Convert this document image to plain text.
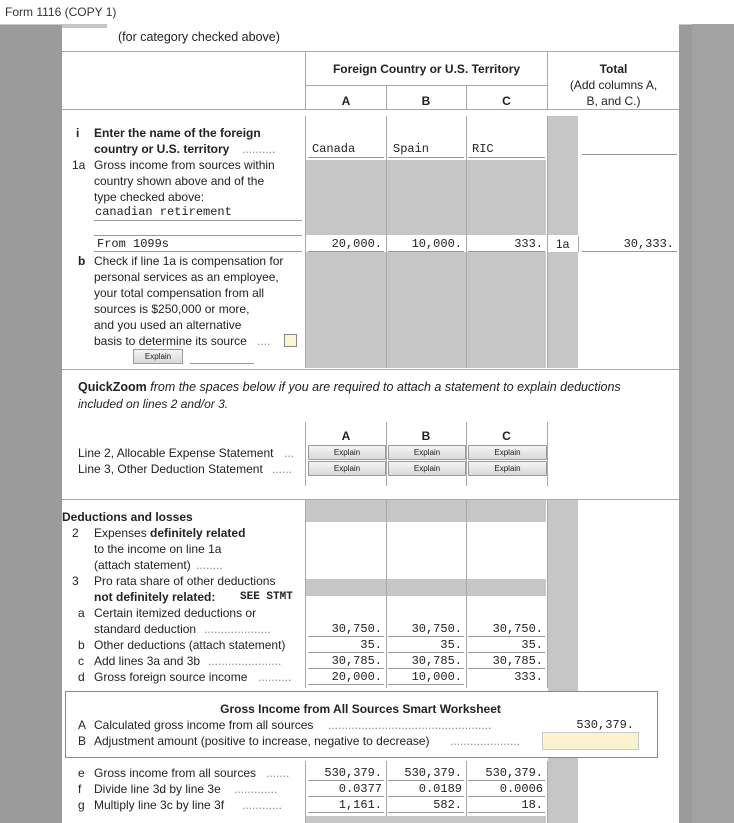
Form 1116 (COPY 1)
(for category checked above)
Foreign Country or U.S. Territory
A	B	C
Total
(Add columns A,
B, and C.)
i Enter the name of the foreign
country or U.S. territory ..........	Canada	Spain	RIC
1a Gross income from sources within
country shown above and of the
type checked above:
canadian retirement
From 1099s	20,000.	10,000.	333. 1a	30,333.
b Check if line 1a is compensation for
personal services as an employee,
your total compensation from all
sources is $250,000 or more,
and you used an alternative
basis to determine its source ....
Explain
QuickZoom from the spaces below if you are required to attach a statement to explain deductions
included on lines 2 and/or 3.
A	B	C
Line 2, Allocable Expense Statement ...
Line 3, Other Deduction Statement ......
Explain	Explain	Explain
Explain	Explain	Explain
Deductions and losses
2 Expenses definitely related
to the income on line 1a
(attach statement) ........
3 Pro rata share of other deductions
not definitely related: SEE STMT
a Certain itemized deductions or
standard deduction ....................	30,750.	30,750.	30,750.
b Other deductions (attach statement)	35.	35.	35.
c Add lines 3a and 3b ......................	30,785.	30,785.	30,785.
d Gross foreign source income ..........	20,000.	10,000.	333.
Gross Income from All Sources Smart Worksheet
A Calculated gross income from all sources .................................................	530,379.
B Adjustment amount (positive to increase, negative to decrease) .....................
e Gross income from all sources .......	530,379.	530,379.	530,379.
f Divide line 3d by line 3e .............	0.0377	0.0189	0.0006
g Multiply line 3c by line 3f ............	1,161.	582.	18.
